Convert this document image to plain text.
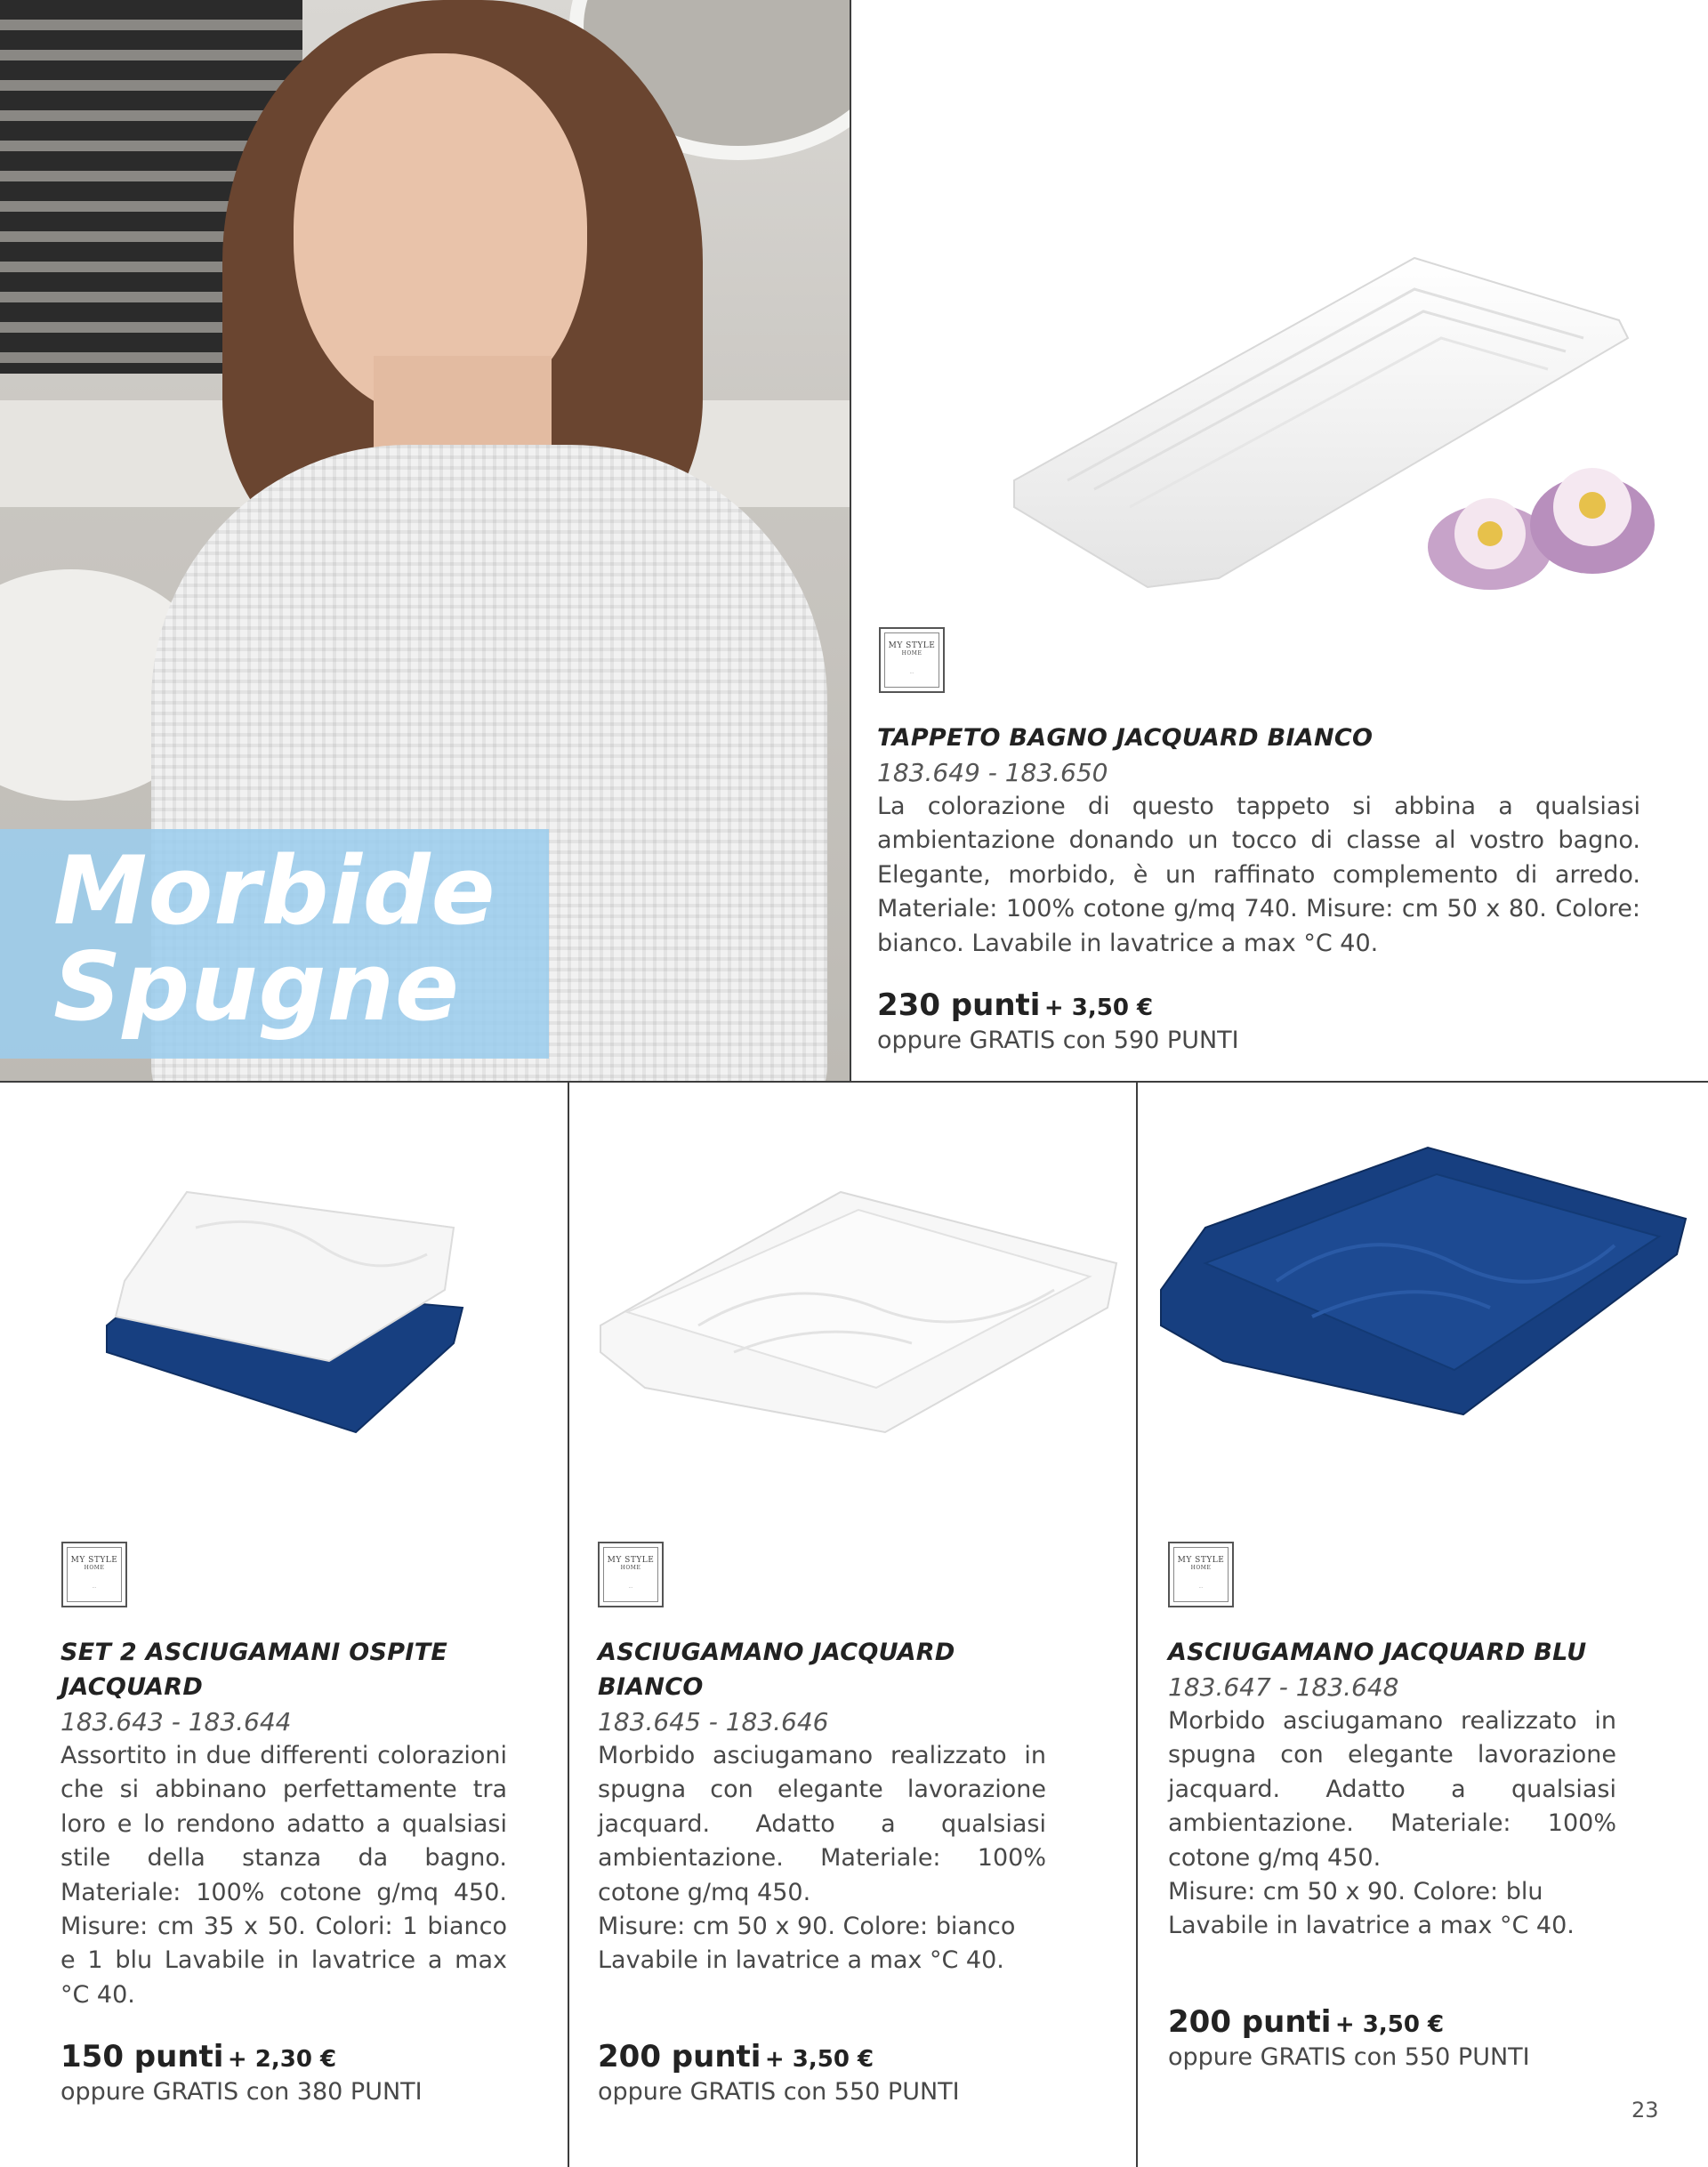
Morbide
Spugne
MY STYLE
HOME
...
TAPPETO BAGNO JACQUARD BIANCO
183.649 - 183.650
La colorazione di questo tappeto si abbina a qualsiasi ambientazione donando un tocco di classe al vostro bagno. Elegante, morbido, è un raffinato complemento di arredo. Materiale: 100% cotone g/mq 740. Misure: cm 50 x 80. Colore: bianco. Lavabile in lavatrice a max °C 40.
230 punti + 3,50 €
oppure GRATIS con 590 PUNTI
MY STYLE
HOME
...
SET 2 ASCIUGAMANI OSPITE
JACQUARD
183.643 - 183.644
Assortito in due differenti colorazioni che si abbinano perfettamente tra loro e lo rendono adatto a qualsiasi stile della stanza da bagno. Materiale: 100% cotone g/mq 450. Misure: cm 35 x 50. Colori: 1 bianco e 1 blu Lavabile in lavatrice a max °C 40.
150 punti + 2,30 €
oppure GRATIS con 380 PUNTI
MY STYLE
HOME
...
ASCIUGAMANO JACQUARD BIANCO
183.645 - 183.646
Morbido asciugamano realizzato in spugna con elegante lavorazione jacquard. Adatto a qualsiasi ambientazione. Materiale: 100% cotone g/mq 450.
Misure: cm 50 x 90. Colore: bianco
Lavabile in lavatrice a max °C 40.
200 punti + 3,50 €
oppure GRATIS con 550 PUNTI
MY STYLE
HOME
...
ASCIUGAMANO JACQUARD BLU
183.647 - 183.648
Morbido asciugamano realizzato in spugna con elegante lavorazione jacquard. Adatto a qualsiasi ambientazione. Materiale: 100% cotone g/mq 450.
Misure: cm 50 x 90. Colore: blu
Lavabile in lavatrice a max °C 40.
200 punti + 3,50 €
oppure GRATIS con 550 PUNTI
23
